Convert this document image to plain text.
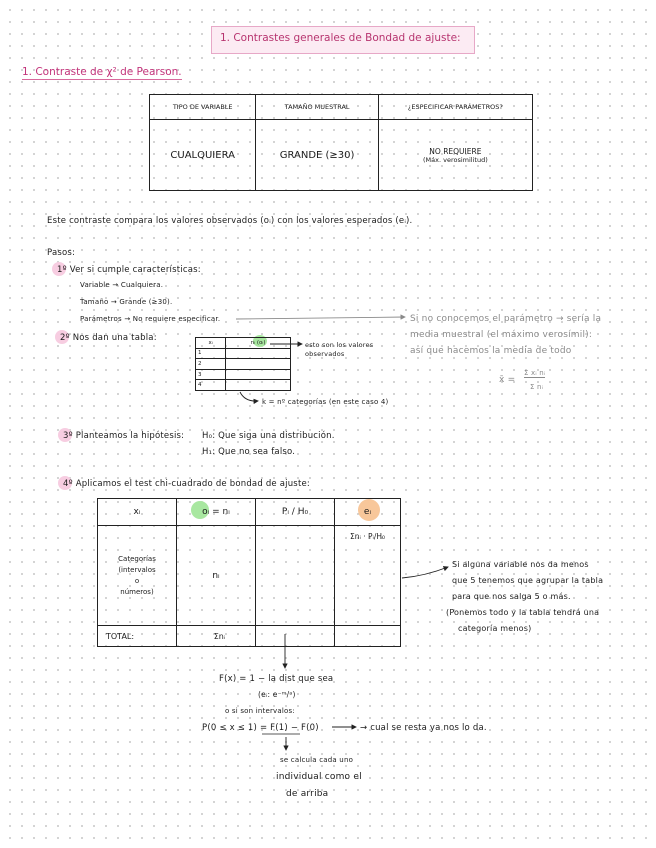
1. Contrastes generales de Bondad de ajuste:
1. Contraste de χ² de Pearson.
TIPO DE VARIABLE	TAMAÑO MUESTRAL	¿ESPECIFICAR PARÁMETROS?
CUALQUIERA	GRANDE (≥30)	NO REQUIERE
(Máx. verosimilitud)
Este contraste compara los valores observados (oᵢ) con los valores esperados (eᵢ).
Pasos:
1º Ver si cumple características:
Variable → Cualquiera.
Tamaño → Grande (≥30).
Parámetros → No requiere especificar.	Si no conocemos el parámetro → sería la
media muestral (el máximo verosímil):
así que hacemos la media de todo
x̄ =
Σ xᵢ nᵢ
Σ nᵢ
2º Nos dan una tabla:	xᵢ	nᵢ (oᵢ)
1	
2	
3	
4	
esto son los valores observados
k = nº categorías (en este caso 4)
3º Planteamos la hipótesis: H₀: Que siga una distribución.
H₁: Que no sea falso.
4º Aplicamos el test chi-cuadrado de bondad de ajuste:
xᵢ	oᵢ = nᵢ	Pᵢ / H₀	eᵢ

Categorías
(intervalos
o
números)	nᵢ		Σnᵢ · Pᵢ/H₀
TOTAL:	Σnᵢ		
Si alguna variable nos da menos
que 5 tenemos que agrupar la tabla
para que nos salga 5 o más.
(Ponemos todo y la tabla tendrá una
categoría menos)
F(x) = 1 − la dist que sea
(eᵢ: e⁻ᵐ/ᵃ)
o si son intervalos:
P(0 ≤ x ≤ 1) = F(1) − F(0)	→ cual se resta ya nos lo da.
se calcula cada uno
individual como el
de arriba
